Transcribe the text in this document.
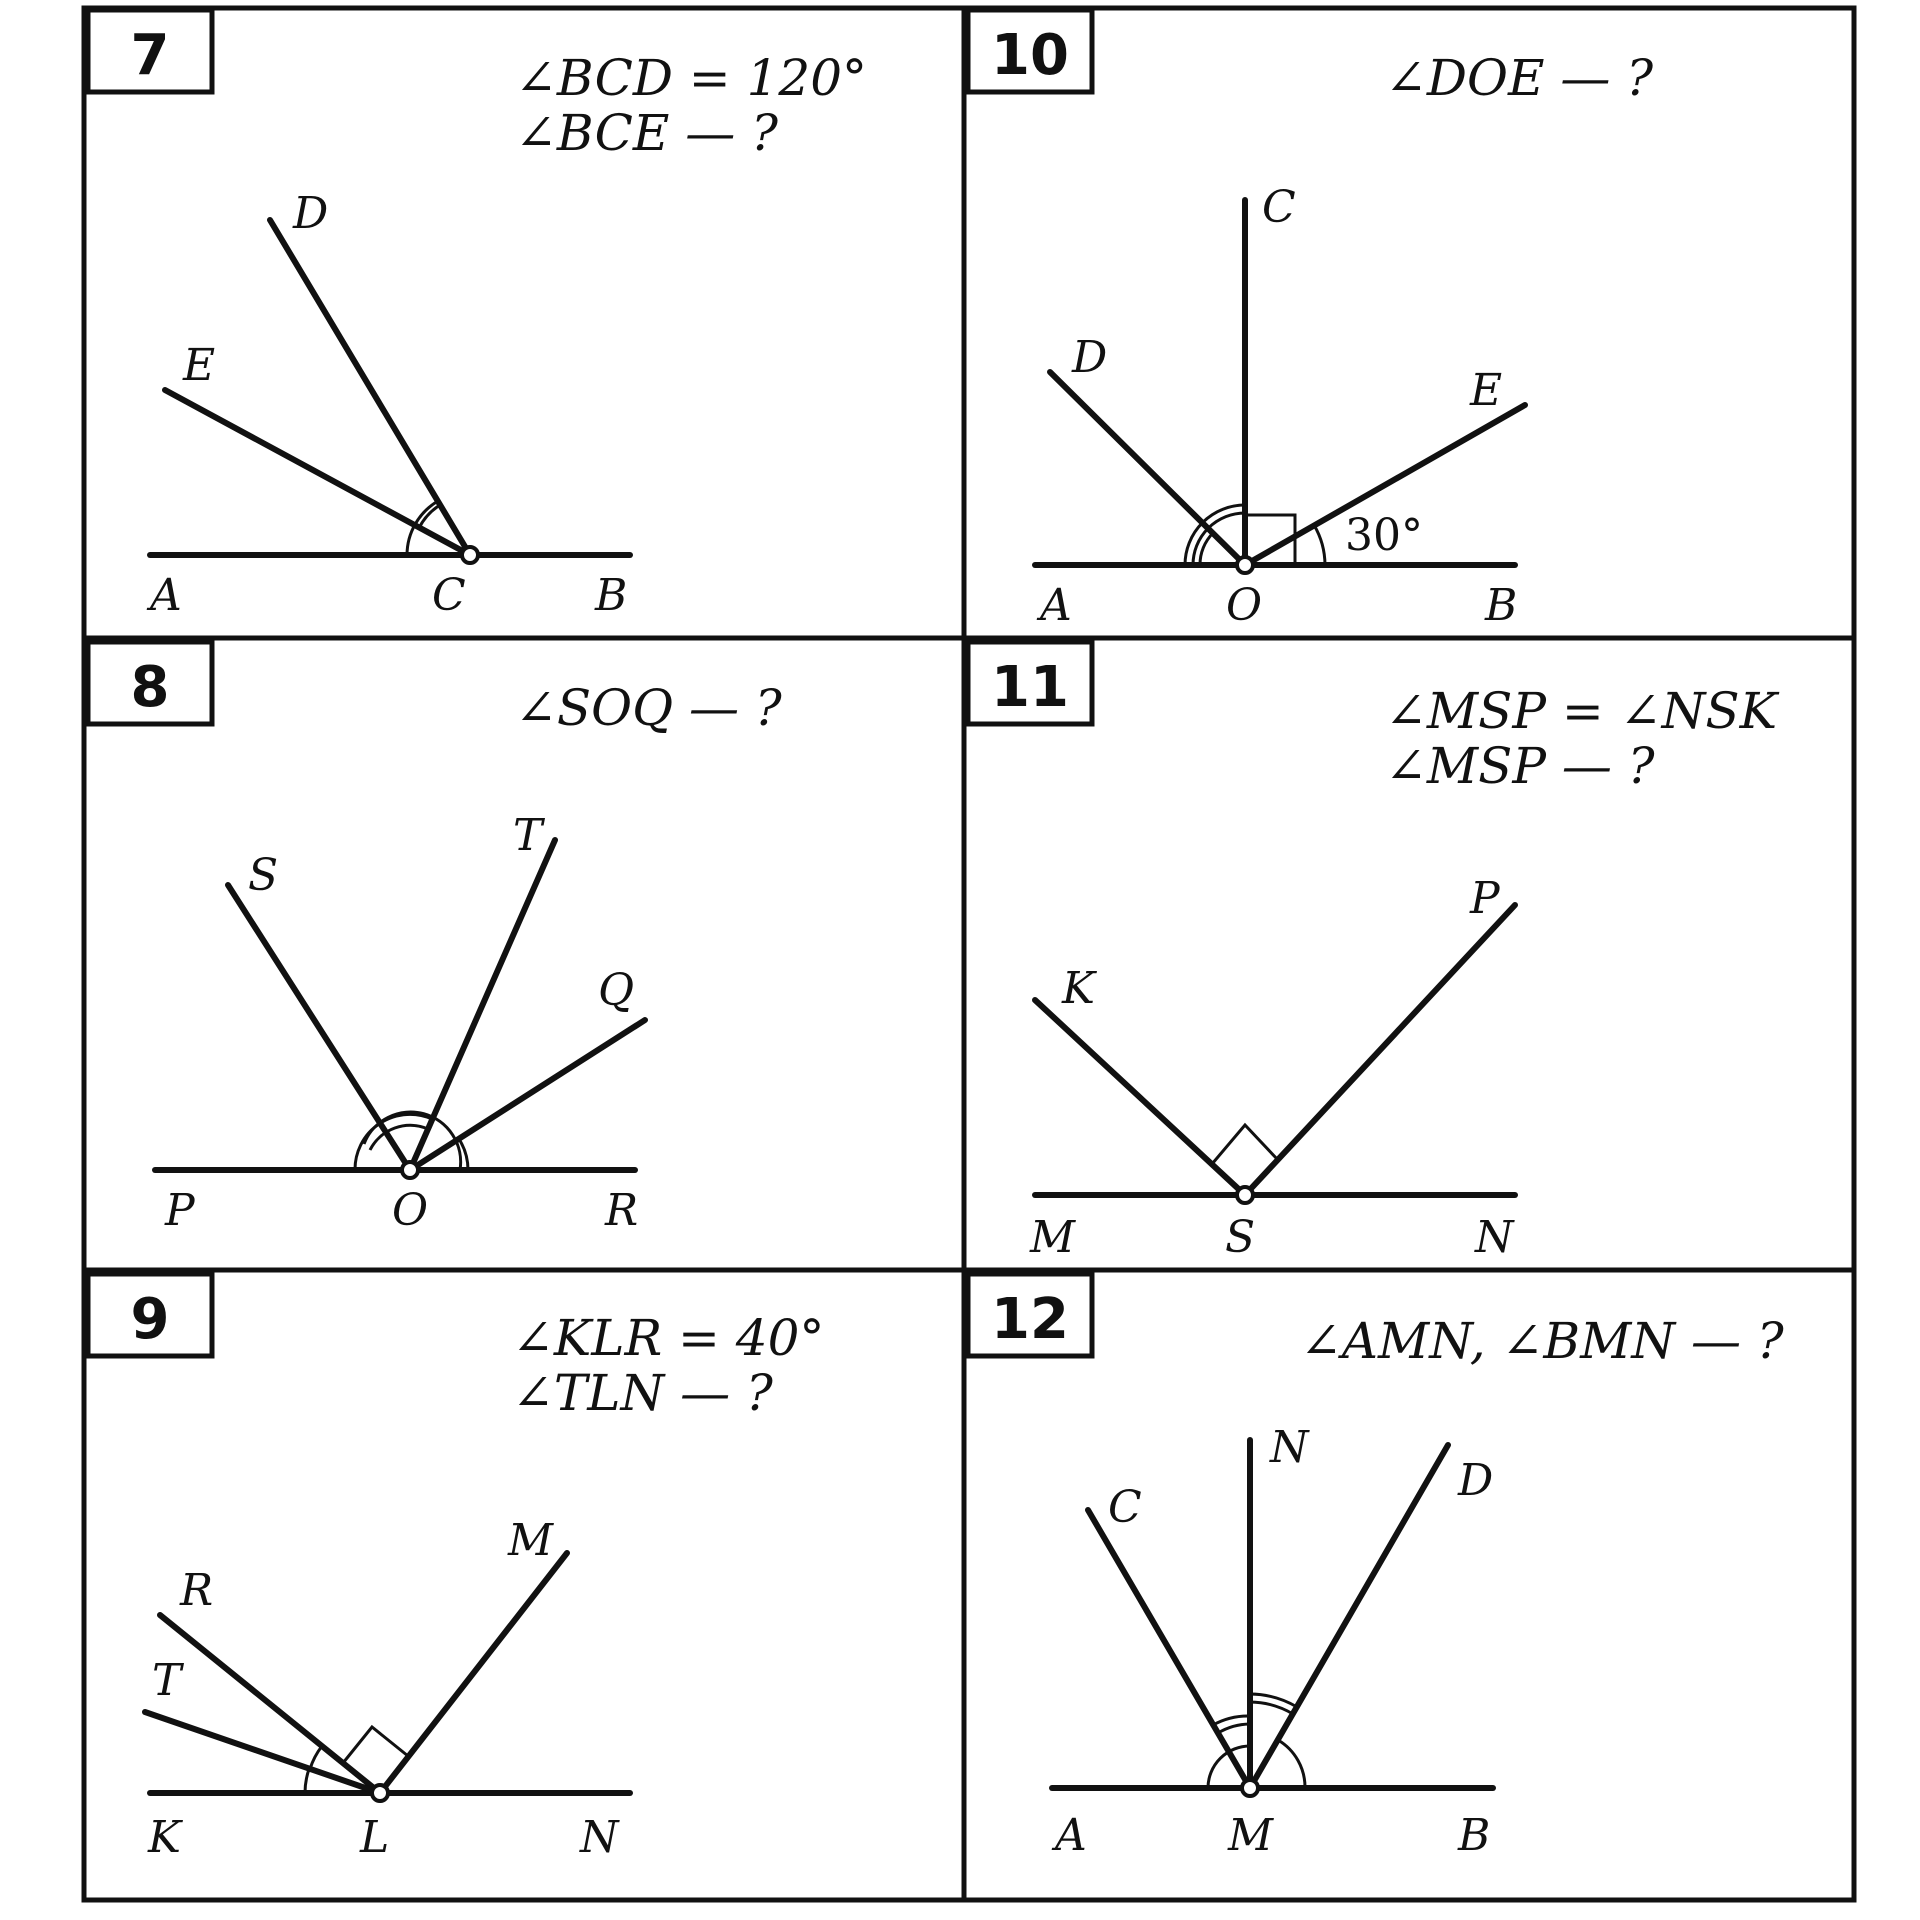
7	∠BCD = 120°
∠BCE — ?
A	C	B
D
E
8	∠SOQ — ?
P	O	R
S
T
Q
9	∠KLR = 40°
∠TLN — ?
K	L	N
R
T
M
10	∠DOE — ?
30°
A	O	B
C
D
E
11	∠MSP = ∠NSK
∠MSP — ?
M	S	N
K
P
12	∠AMN, ∠BMN — ?
A	M	B
C
N
D
